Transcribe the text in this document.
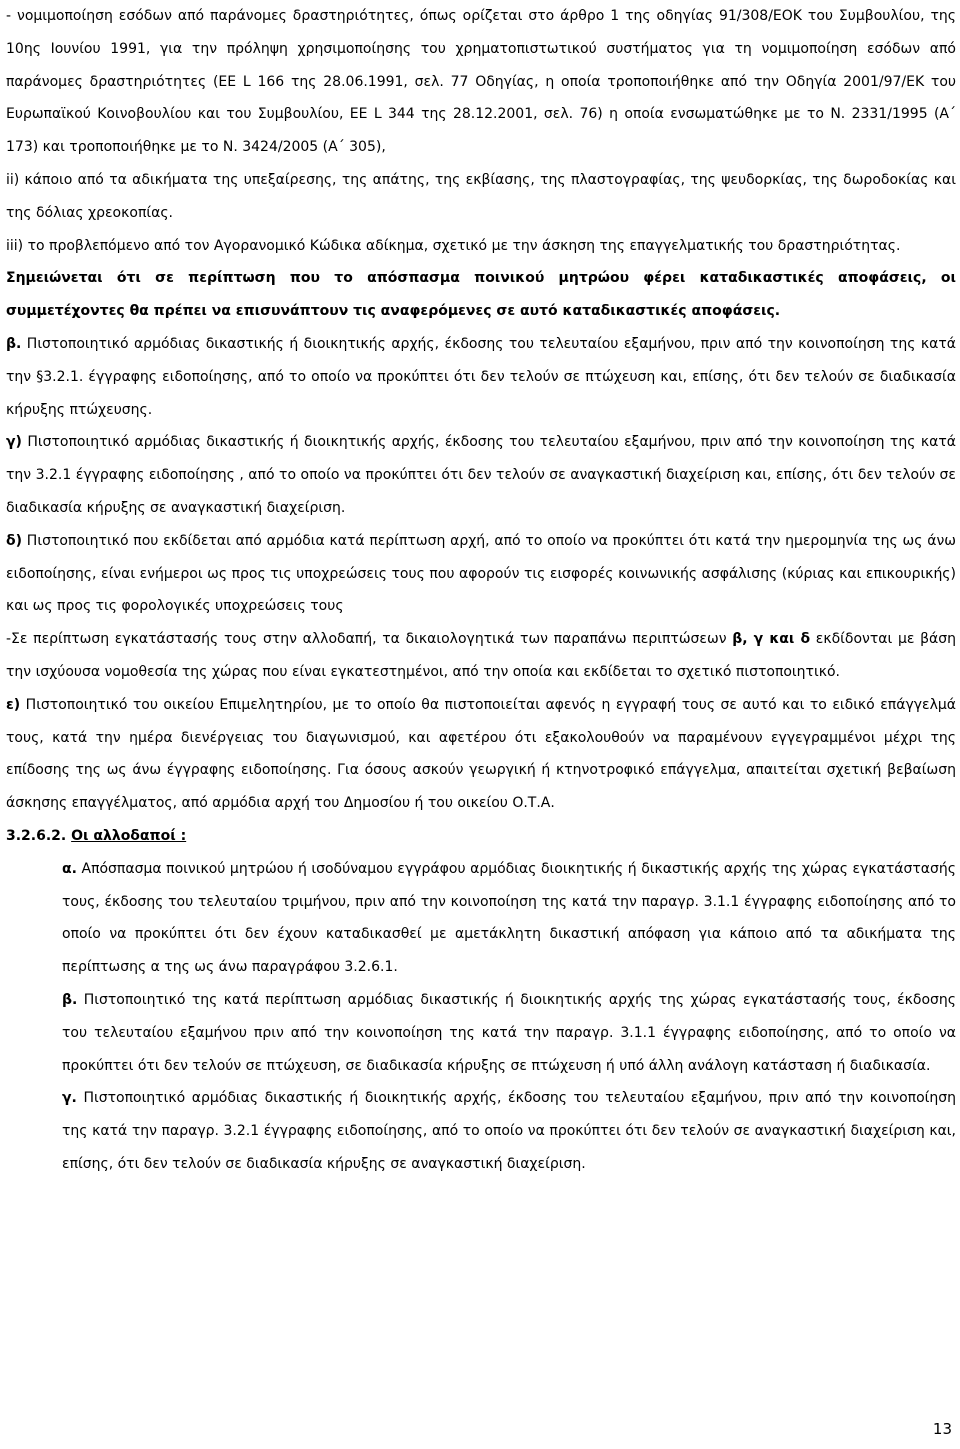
- νομιμοποίηση εσόδων από παράνομες δραστηριότητες, όπως ορίζεται στο άρθρο 1 της οδηγίας 91/308/ΕΟΚ του Συμβουλίου, της 10ης Ιουνίου 1991, για την πρόληψη χρησιμοποίησης του χρηματοπιστωτικού συστήματος για τη νομιμοποίηση εσόδων από παράνομες δραστηριότητες (ΕΕ L 166 της 28.06.1991, σελ. 77 Οδηγίας, η οποία τροποποιήθηκε από την Οδηγία 2001/97/ΕΚ του Ευρωπαϊκού Κοινοβουλίου και του Συμβουλίου, ΕΕ L 344 της 28.12.2001, σελ. 76) η οποία ενσωματώθηκε με το Ν. 2331/1995 (Α΄ 173) και τροποποιήθηκε με το Ν. 3424/2005 (Α΄ 305),

ii) κάποιο από τα αδικήματα της υπεξαίρεσης, της απάτης, της εκβίασης, της πλαστογραφίας, της ψευδορκίας, της δωροδοκίας και της δόλιας χρεοκοπίας.

iii) το προβλεπόμενο από τον Αγορανομικό Κώδικα αδίκημα, σχετικό με την άσκηση της επαγγελματικής του δραστηριότητας.

Σημειώνεται ότι σε περίπτωση που το απόσπασμα ποινικού μητρώου φέρει καταδικαστικές αποφάσεις, οι συμμετέχοντες θα πρέπει να επισυνάπτουν τις αναφερόμενες σε αυτό καταδικαστικές αποφάσεις.

β. Πιστοποιητικό αρμόδιας δικαστικής ή διοικητικής αρχής, έκδοσης του τελευταίου εξαμήνου, πριν από την κοινοποίηση της κατά την §3.2.1. έγγραφης ειδοποίησης, από το οποίο να προκύπτει ότι δεν τελούν σε πτώχευση και, επίσης, ότι δεν τελούν σε διαδικασία κήρυξης πτώχευσης.

γ) Πιστοποιητικό αρμόδιας δικαστικής ή διοικητικής αρχής, έκδοσης του τελευταίου εξαμήνου, πριν από την κοινοποίηση της κατά την 3.2.1 έγγραφης ειδοποίησης , από το οποίο να προκύπτει ότι δεν τελούν σε αναγκαστική διαχείριση και, επίσης, ότι δεν τελούν σε διαδικασία κήρυξης σε αναγκαστική διαχείριση.

δ) Πιστοποιητικό που εκδίδεται από αρμόδια κατά περίπτωση αρχή, από το οποίο να προκύπτει ότι κατά την ημερομηνία της ως άνω ειδοποίησης, είναι ενήμεροι ως προς τις υποχρεώσεις τους που αφορούν τις εισφορές κοινωνικής ασφάλισης (κύριας και επικουρικής) και ως προς τις φορολογικές υποχρεώσεις τους

-Σε περίπτωση εγκατάστασής τους στην αλλοδαπή, τα δικαιολογητικά των παραπάνω περιπτώσεων β, γ και δ εκδίδονται με βάση την ισχύουσα νομοθεσία της χώρας που είναι εγκατεστημένοι, από την οποία και εκδίδεται το σχετικό πιστοποιητικό.

ε) Πιστοποιητικό του οικείου Επιμελητηρίου, με το οποίο θα πιστοποιείται αφενός η εγγραφή τους σε αυτό και το ειδικό επάγγελμά τους, κατά την ημέρα διενέργειας του διαγωνισμού, και αφετέρου ότι εξακολουθούν να παραμένουν εγγεγραμμένοι μέχρι της επίδοσης της ως άνω έγγραφης ειδοποίησης. Για όσους ασκούν γεωργική ή κτηνοτροφικό επάγγελμα, απαιτείται σχετική βεβαίωση άσκησης επαγγέλματος, από αρμόδια αρχή του Δημοσίου ή του οικείου Ο.Τ.Α.

3.2.6.2. Οι αλλοδαποί :

α. Απόσπασμα ποινικού μητρώου ή ισοδύναμου εγγράφου αρμόδιας διοικητικής ή δικαστικής αρχής της χώρας εγκατάστασής τους, έκδοσης του τελευταίου τριμήνου, πριν από την κοινοποίηση της κατά την παραγρ. 3.1.1 έγγραφης ειδοποίησης από το οποίο να προκύπτει ότι δεν έχουν καταδικασθεί με αμετάκλητη δικαστική απόφαση για κάποιο από τα αδικήματα της περίπτωσης α της ως άνω παραγράφου 3.2.6.1.

β. Πιστοποιητικό της κατά περίπτωση αρμόδιας δικαστικής ή διοικητικής αρχής της χώρας εγκατάστασής τους, έκδοσης του τελευταίου εξαμήνου πριν από την κοινοποίηση της κατά την παραγρ. 3.1.1 έγγραφης ειδοποίησης, από το οποίο να προκύπτει ότι δεν τελούν σε πτώχευση, σε διαδικασία κήρυξης σε πτώχευση ή υπό άλλη ανάλογη κατάσταση ή διαδικασία.

γ. Πιστοποιητικό αρμόδιας δικαστικής ή διοικητικής αρχής, έκδοσης του τελευταίου εξαμήνου, πριν από την κοινοποίηση της κατά την παραγρ. 3.2.1 έγγραφης ειδοποίησης, από το οποίο να προκύπτει ότι δεν τελούν σε αναγκαστική διαχείριση και, επίσης, ότι δεν τελούν σε διαδικασία κήρυξης σε αναγκαστική διαχείριση.

13
